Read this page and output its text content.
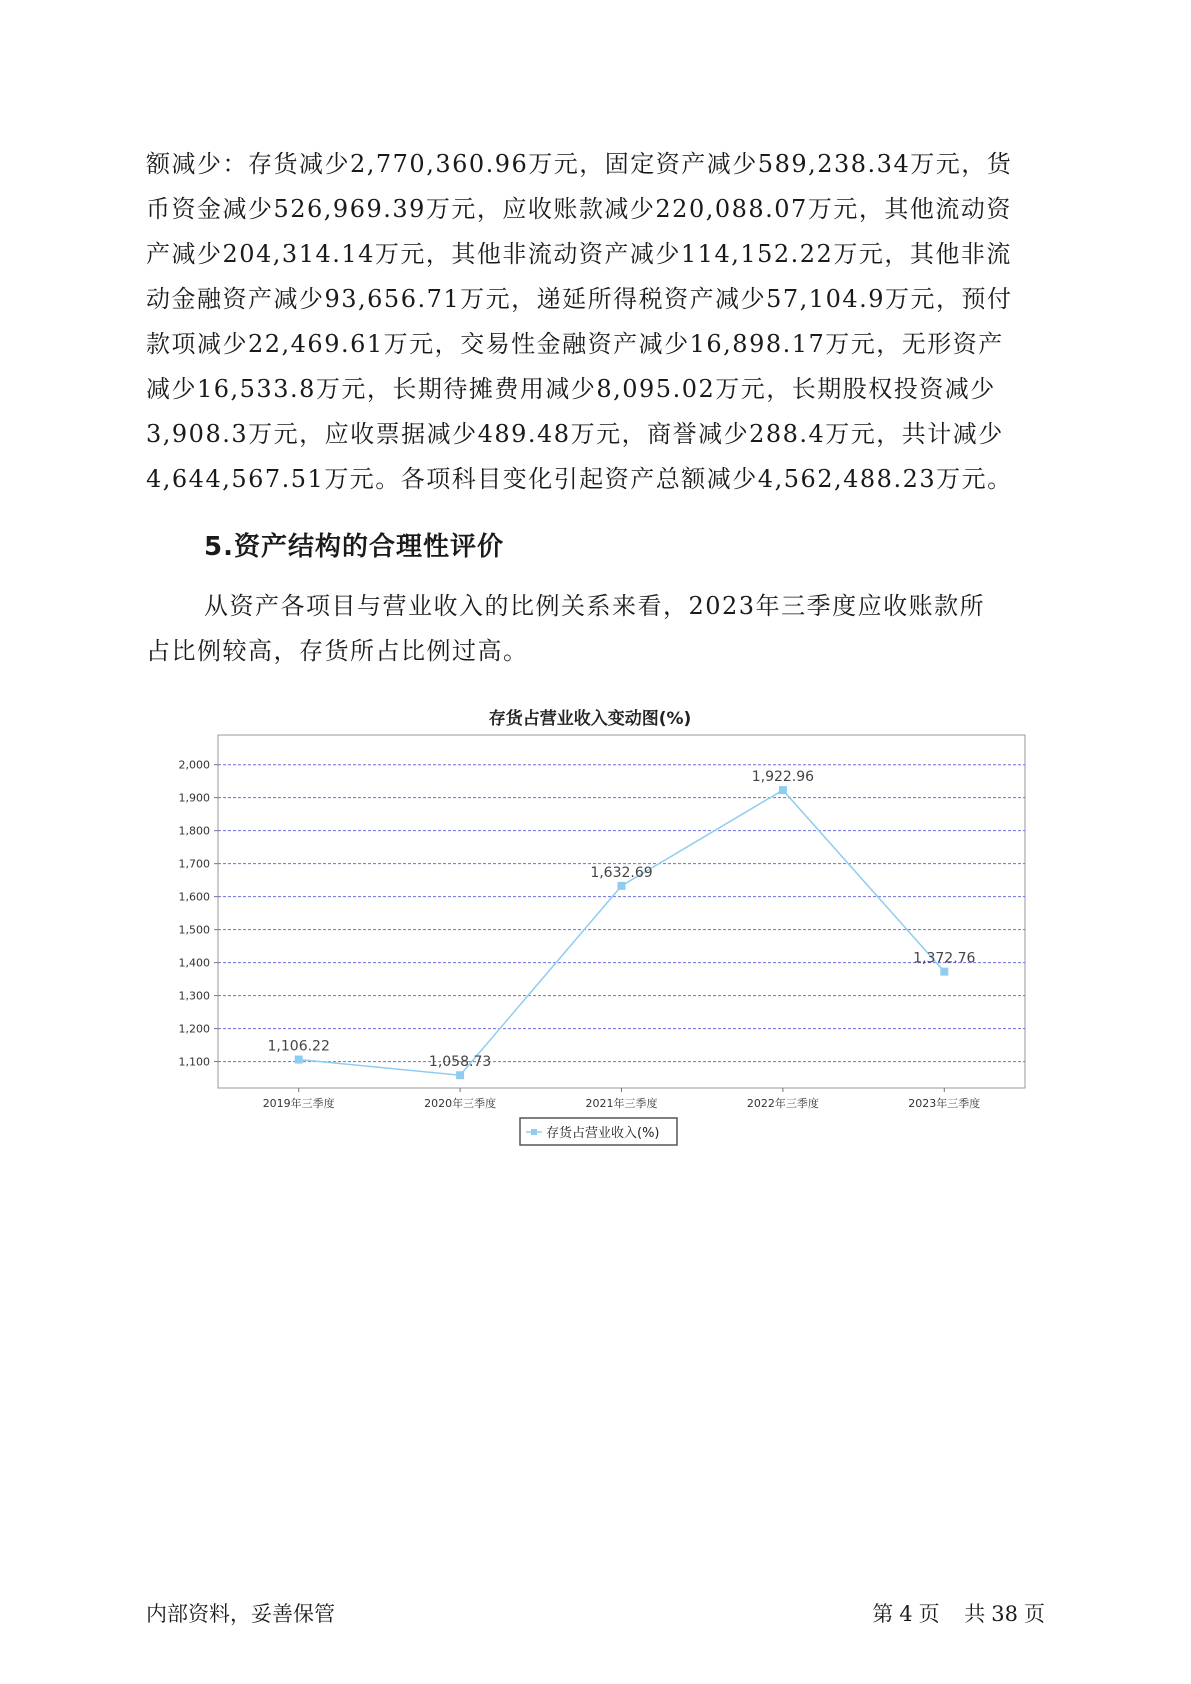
额减少：存货减少2,770,360.96万元，固定资产减少589,238.34万元，货
币资金减少526,969.39万元，应收账款减少220,088.07万元，其他流动资
产减少204,314.14万元，其他非流动资产减少114,152.22万元，其他非流
动金融资产减少93,656.71万元，递延所得税资产减少57,104.9万元，预付
款项减少22,469.61万元，交易性金融资产减少16,898.17万元，无形资产
减少16,533.8万元，长期待摊费用减少8,095.02万元，长期股权投资减少
3,908.3万元，应收票据减少489.48万元，商誉减少288.4万元，共计减少
4,644,567.51万元。各项科目变化引起资产总额减少4,562,488.23万元。
5.资产结构的合理性评价
从资产各项目与营业收入的比例关系来看，2023年三季度应收账款所
占比例较高，存货所占比例过高。
存货占营业收入变动图(%)
1,100
1,200
1,300
1,400
1,500
1,600
1,700
1,800
1,900
2,000
2019年三季度	2020年三季度	2021年三季度	2022年三季度	2023年三季度
1,106.22
1,058.73
1,632.69
1,922.96
1,372.76
存货占营业收入(%)
内部资料，妥善保管	第 4 页 共 38 页
